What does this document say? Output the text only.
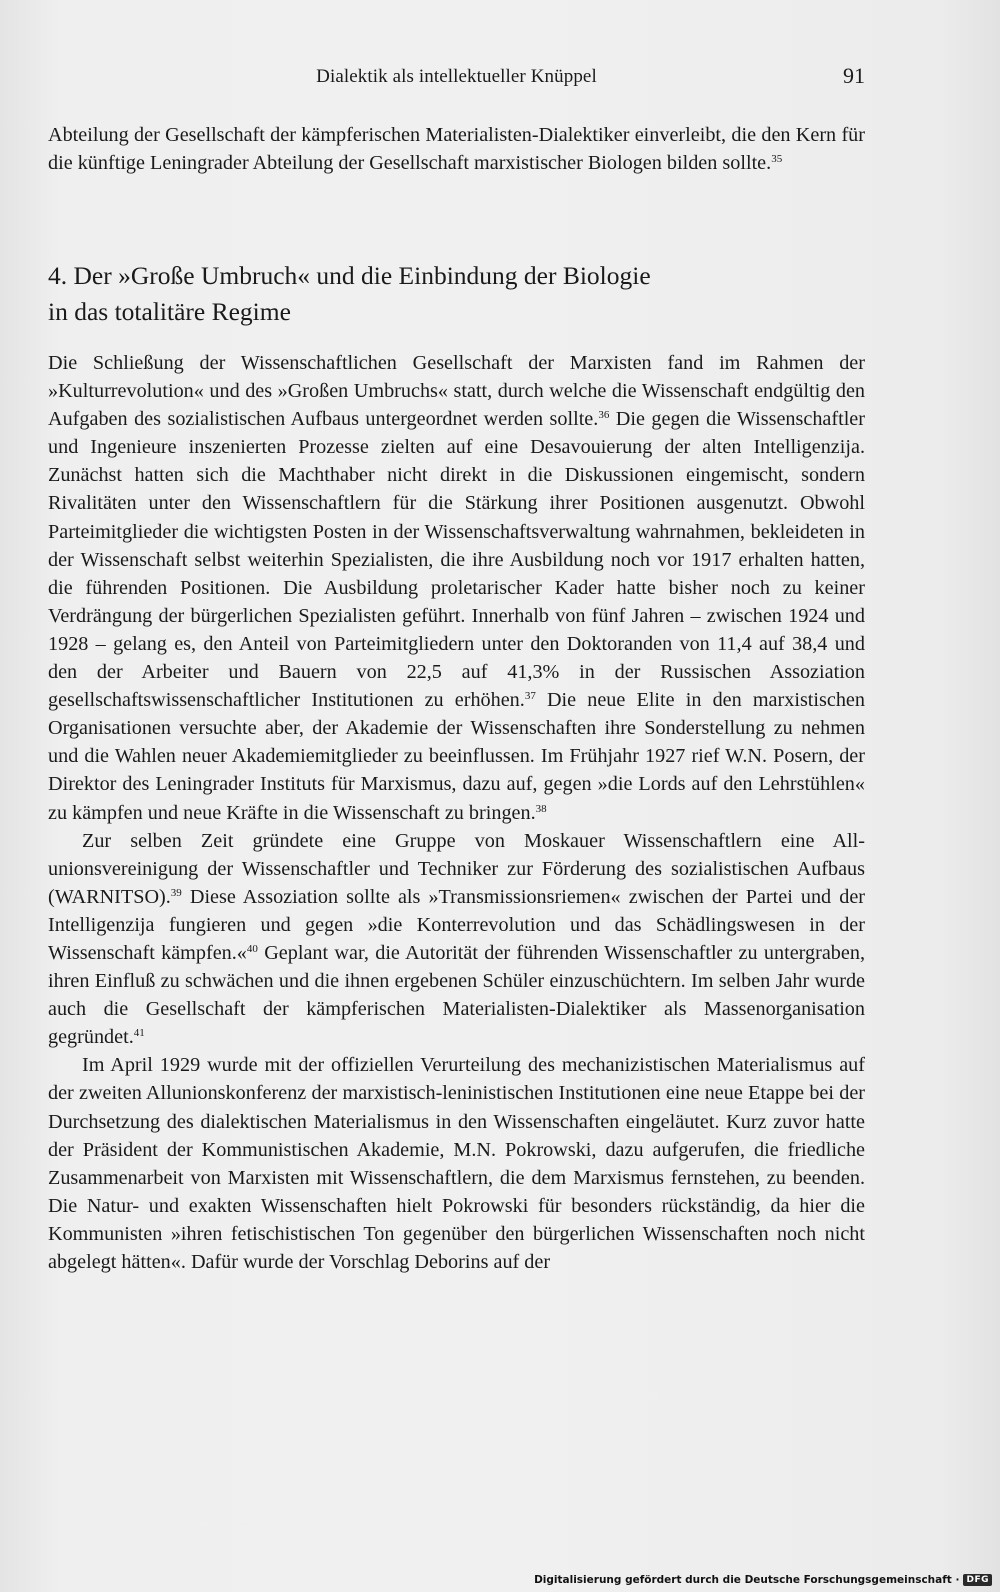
Dialektik als intellektueller Knüppel	91

Abteilung der Gesellschaft der kämpferischen Materialisten-Dialektiker einverleibt, die den Kern für die künftige Leningrader Abteilung der Gesellschaft marxistischer Biologen bilden sollte.$^{35}$

4. Der »Große Umbruch« und die Einbindung der Biologie
in das totalitäre Regime

Die Schließung der Wissenschaftlichen Gesellschaft der Marxisten fand im Rahmen der »Kulturrevolution« und des »Großen Umbruchs« statt, durch welche die Wissenschaft endgültig den Aufgaben des sozialistischen Aufbaus untergeordnet werden sollte.$^{36}$ Die gegen die Wissenschaftler und Ingenieure inszenierten Prozesse zielten auf eine Desavouierung der alten Intelligenzija. Zunächst hatten sich die Machthaber nicht direkt in die Diskussionen eingemischt, sondern Rivalitäten unter den Wissenschaftlern für die Stärkung ihrer Positionen ausgenutzt. Obwohl Parteimitglieder die wichtigsten Posten in der Wissenschaftsverwaltung wahrnahmen, bekleideten in der Wissenschaft selbst weiterhin Spezialisten, die ihre Ausbildung noch vor 1917 erhalten hatten, die führenden Positionen. Die Ausbildung proletarischer Kader hatte bisher noch zu keiner Verdrängung der bürgerlichen Spezialisten geführt. Innerhalb von fünf Jahren – zwischen 1924 und 1928 – gelang es, den Anteil von Parteimitgliedern unter den Doktoranden von 11,4 auf 38,4 und den der Arbeiter und Bauern von 22,5 auf 41,3% in der Russischen Assoziation gesellschaftswissenschaftlicher Institutionen zu erhöhen.$^{37}$ Die neue Elite in den marxistischen Organisationen versuchte aber, der Akademie der Wissenschaften ihre Sonderstellung zu nehmen und die Wahlen neuer Akademiemitglieder zu beeinflussen. Im Frühjahr 1927 rief W.N. Posern, der Direktor des Leningrader Instituts für Marxismus, dazu auf, gegen »die Lords auf den Lehrstühlen« zu kämpfen und neue Kräfte in die Wissenschaft zu bringen.$^{38}$

Zur selben Zeit gründete eine Gruppe von Moskauer Wissenschaftlern eine Allunionsvereinigung der Wissenschaftler und Techniker zur Förderung des sozialistischen Aufbaus (WARNITSO).$^{39}$ Diese Assoziation sollte als »Transmissionsriemen« zwischen der Partei und der Intelligenzija fungieren und gegen »die Konterrevolution und das Schädlingswesen in der Wissenschaft kämpfen.«$^{40}$ Geplant war, die Autorität der führenden Wissenschaftler zu untergraben, ihren Einfluß zu schwächen und die ihnen ergebenen Schüler einzuschüchtern. Im selben Jahr wurde auch die Gesellschaft der kämpferischen Materialisten-Dialektiker als Massenorganisation gegründet.$^{41}$

Im April 1929 wurde mit der offiziellen Verurteilung des mechanizistischen Materialismus auf der zweiten Allunionskonferenz der marxistisch-leninistischen Institutionen eine neue Etappe bei der Durchsetzung des dialektischen Materialismus in den Wissenschaften eingeläutet. Kurz zuvor hatte der Präsident der Kommunistischen Akademie, M.N. Pokrowski, dazu aufgerufen, die friedliche Zusammenarbeit von Marxisten mit Wissenschaftlern, die dem Marxismus fernstehen, zu beenden. Die Natur- und exakten Wissenschaften hielt Pokrowski für besonders rückständig, da hier die Kommunisten »ihren fetischistischen Ton gegenüber den bürgerlichen Wissenschaften noch nicht abgelegt hätten«. Dafür wurde der Vorschlag Deborins auf der

Digitalisierung gefördert durch die Deutsche Forschungsgemeinschaft · DFG
